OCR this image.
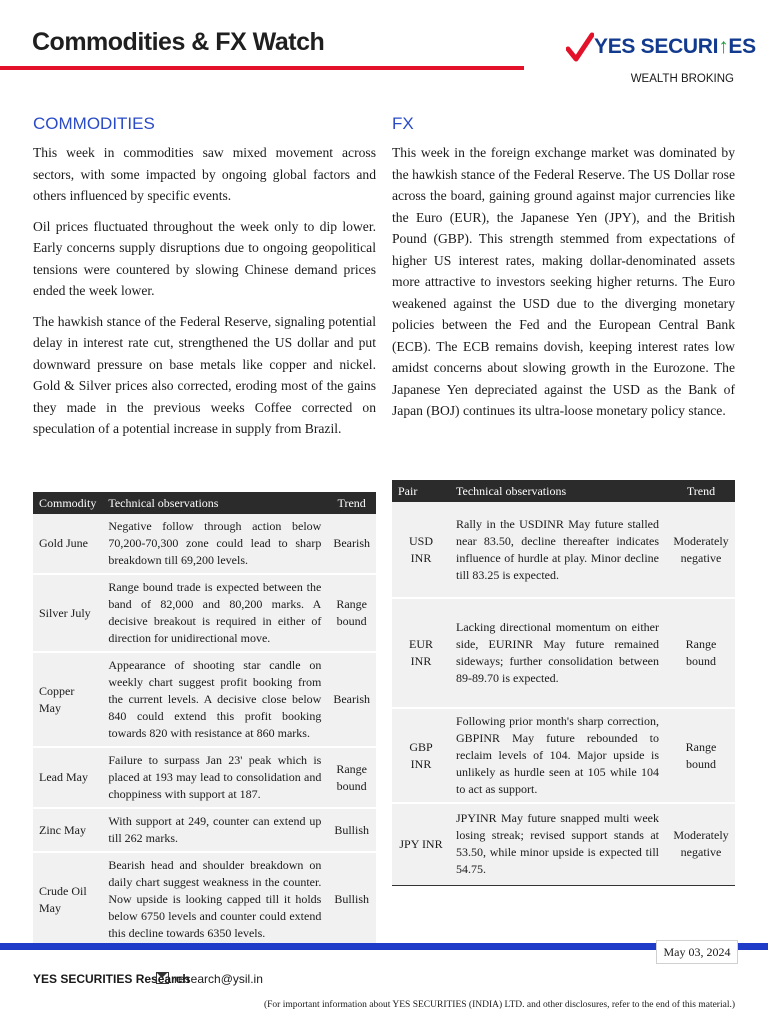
Commodities & FX Watch	YES SECURI↑ES
WEALTH BROKING
COMMODITIES

This week in commodities saw mixed movement across sectors, with some impacted by ongoing global factors and others influenced by specific events.

Oil prices fluctuated throughout the week only to dip lower. Early concerns supply disruptions due to ongoing geopolitical tensions were countered by slowing Chinese demand prices ended the week lower.

The hawkish stance of the Federal Reserve, signaling potential delay in interest rate cut, strengthened the US dollar and put downward pressure on base metals like copper and nickel. Gold & Silver prices also corrected, eroding most of the gains they made in the previous weeks Coffee corrected on speculation of a potential increase in supply from Brazil.

FX

This week in the foreign exchange market was dominated by the hawkish stance of the Federal Reserve. The US Dollar rose across the board, gaining ground against major currencies like the Euro (EUR), the Japanese Yen (JPY), and the British Pound (GBP). This strength stemmed from expectations of higher US interest rates, making dollar-denominated assets more attractive to investors seeking higher returns. The Euro weakened against the USD due to the diverging monetary policies between the Fed and the European Central Bank (ECB). The ECB remains dovish, keeping interest rates low amidst concerns about slowing growth in the Eurozone. The Japanese Yen depreciated against the USD as the Bank of Japan (BOJ) continues its ultra-loose monetary policy stance.

Commodity	Technical observations	Trend
Gold June	Negative follow through action below 70,200-70,300 zone could lead to sharp breakdown till 69,200 levels.	Bearish
Silver July	Range bound trade is expected between the band of 82,000 and 80,200 marks. A decisive breakout is required in either of direction for unidirectional move.	Range bound
Copper May	Appearance of shooting star candle on weekly chart suggest profit booking from the current levels. A decisive close below 840 could extend this profit booking towards 820 with resistance at 860 marks.	Bearish
Lead May	Failure to surpass Jan 23' peak which is placed at 193 may lead to consolidation and choppiness with support at 187.	Range bound
Zinc May	With support at 249, counter can extend up till 262 marks.	Bullish
Crude Oil May	Bearish head and shoulder breakdown on daily chart suggest weakness in the counter. Now upside is looking capped till it holds below 6750 levels and counter could extend this decline towards 6350 levels.	Bullish
Pair	Technical observations	Trend
USD INR	Rally in the USDINR May future stalled near 83.50, decline thereafter indicates influence of hurdle at play. Minor decline till 83.25 is expected.	Moderately negative
EUR INR	Lacking directional momentum on either side, EURINR May future remained sideways; further consolidation between 89-89.70 is expected.	Range bound
GBP INR	Following prior month's sharp correction, GBPINR May future rebounded to reclaim levels of 104. Major upside is unlikely as hurdle seen at 105 while 104 to act as support.	Range bound
JPY INR	JPYINR May future snapped multi week losing streak; revised support stands at 53.50, while minor upside is expected till 54.75.	Moderately negative
May 03, 2024
YES SECURITIES Research
research@ysil.in
(For important information about YES SECURITIES (INDIA) LTD. and other disclosures, refer to the end of this material.)
